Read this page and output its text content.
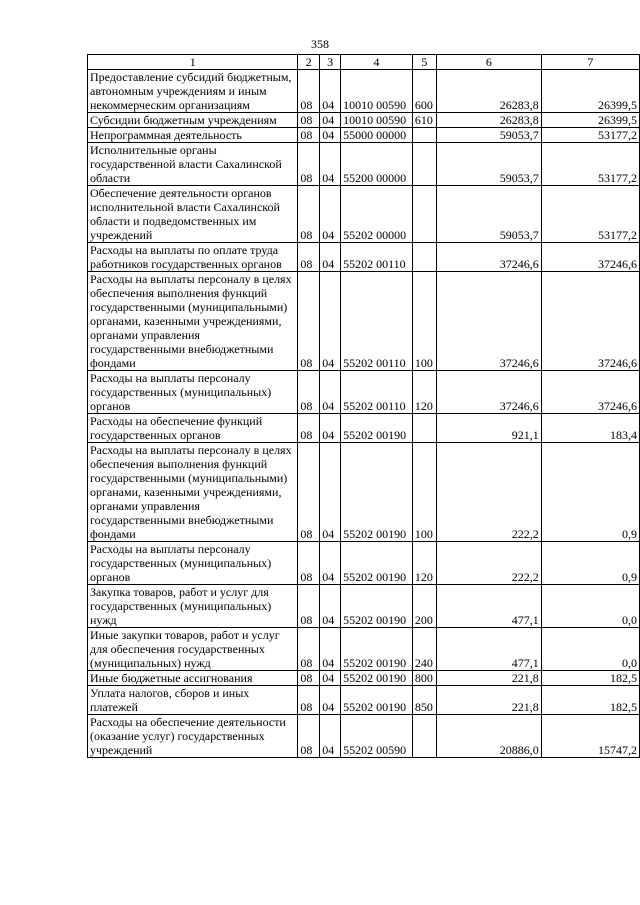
358
1	2	3	4	5	6	7
Предоставление субсидий бюджетным, автономным учреждениям и иным некоммерческим организациям	08	04	10010 00590	600	26283,8	26399,5
Субсидии бюджетным учреждениям	08	04	10010 00590	610	26283,8	26399,5
Непрограммная деятельность	08	04	55000 00000		59053,7	53177,2
Исполнительные органы государственной власти Сахалинской области	08	04	55200 00000		59053,7	53177,2
Обеспечение деятельности органов исполнительной власти Сахалинской области и подведомственных им учреждений	08	04	55202 00000		59053,7	53177,2
Расходы на выплаты по оплате труда работников государственных органов	08	04	55202 00110		37246,6	37246,6
Расходы на выплаты персоналу в целях обеспечения выполнения функций государственными (муниципальными) органами, казенными учреждениями, органами управления государственными внебюджетными фондами	08	04	55202 00110	100	37246,6	37246,6
Расходы на выплаты персоналу государственных (муниципальных) органов	08	04	55202 00110	120	37246,6	37246,6
Расходы на обеспечение функций государственных органов	08	04	55202 00190		921,1	183,4
Расходы на выплаты персоналу в целях обеспечения выполнения функций государственными (муниципальными) органами, казенными учреждениями, органами управления государственными внебюджетными фондами	08	04	55202 00190	100	222,2	0,9
Расходы на выплаты персоналу государственных (муниципальных) органов	08	04	55202 00190	120	222,2	0,9
Закупка товаров, работ и услуг для государственных (муниципальных) нужд	08	04	55202 00190	200	477,1	0,0
Иные закупки товаров, работ и услуг для обеспечения государственных (муниципальных) нужд	08	04	55202 00190	240	477,1	0,0
Иные бюджетные ассигнования	08	04	55202 00190	800	221,8	182,5
Уплата налогов, сборов и иных платежей	08	04	55202 00190	850	221,8	182,5
Расходы на обеспечение деятельности (оказание услуг) государственных учреждений	08	04	55202 00590		20886,0	15747,2
